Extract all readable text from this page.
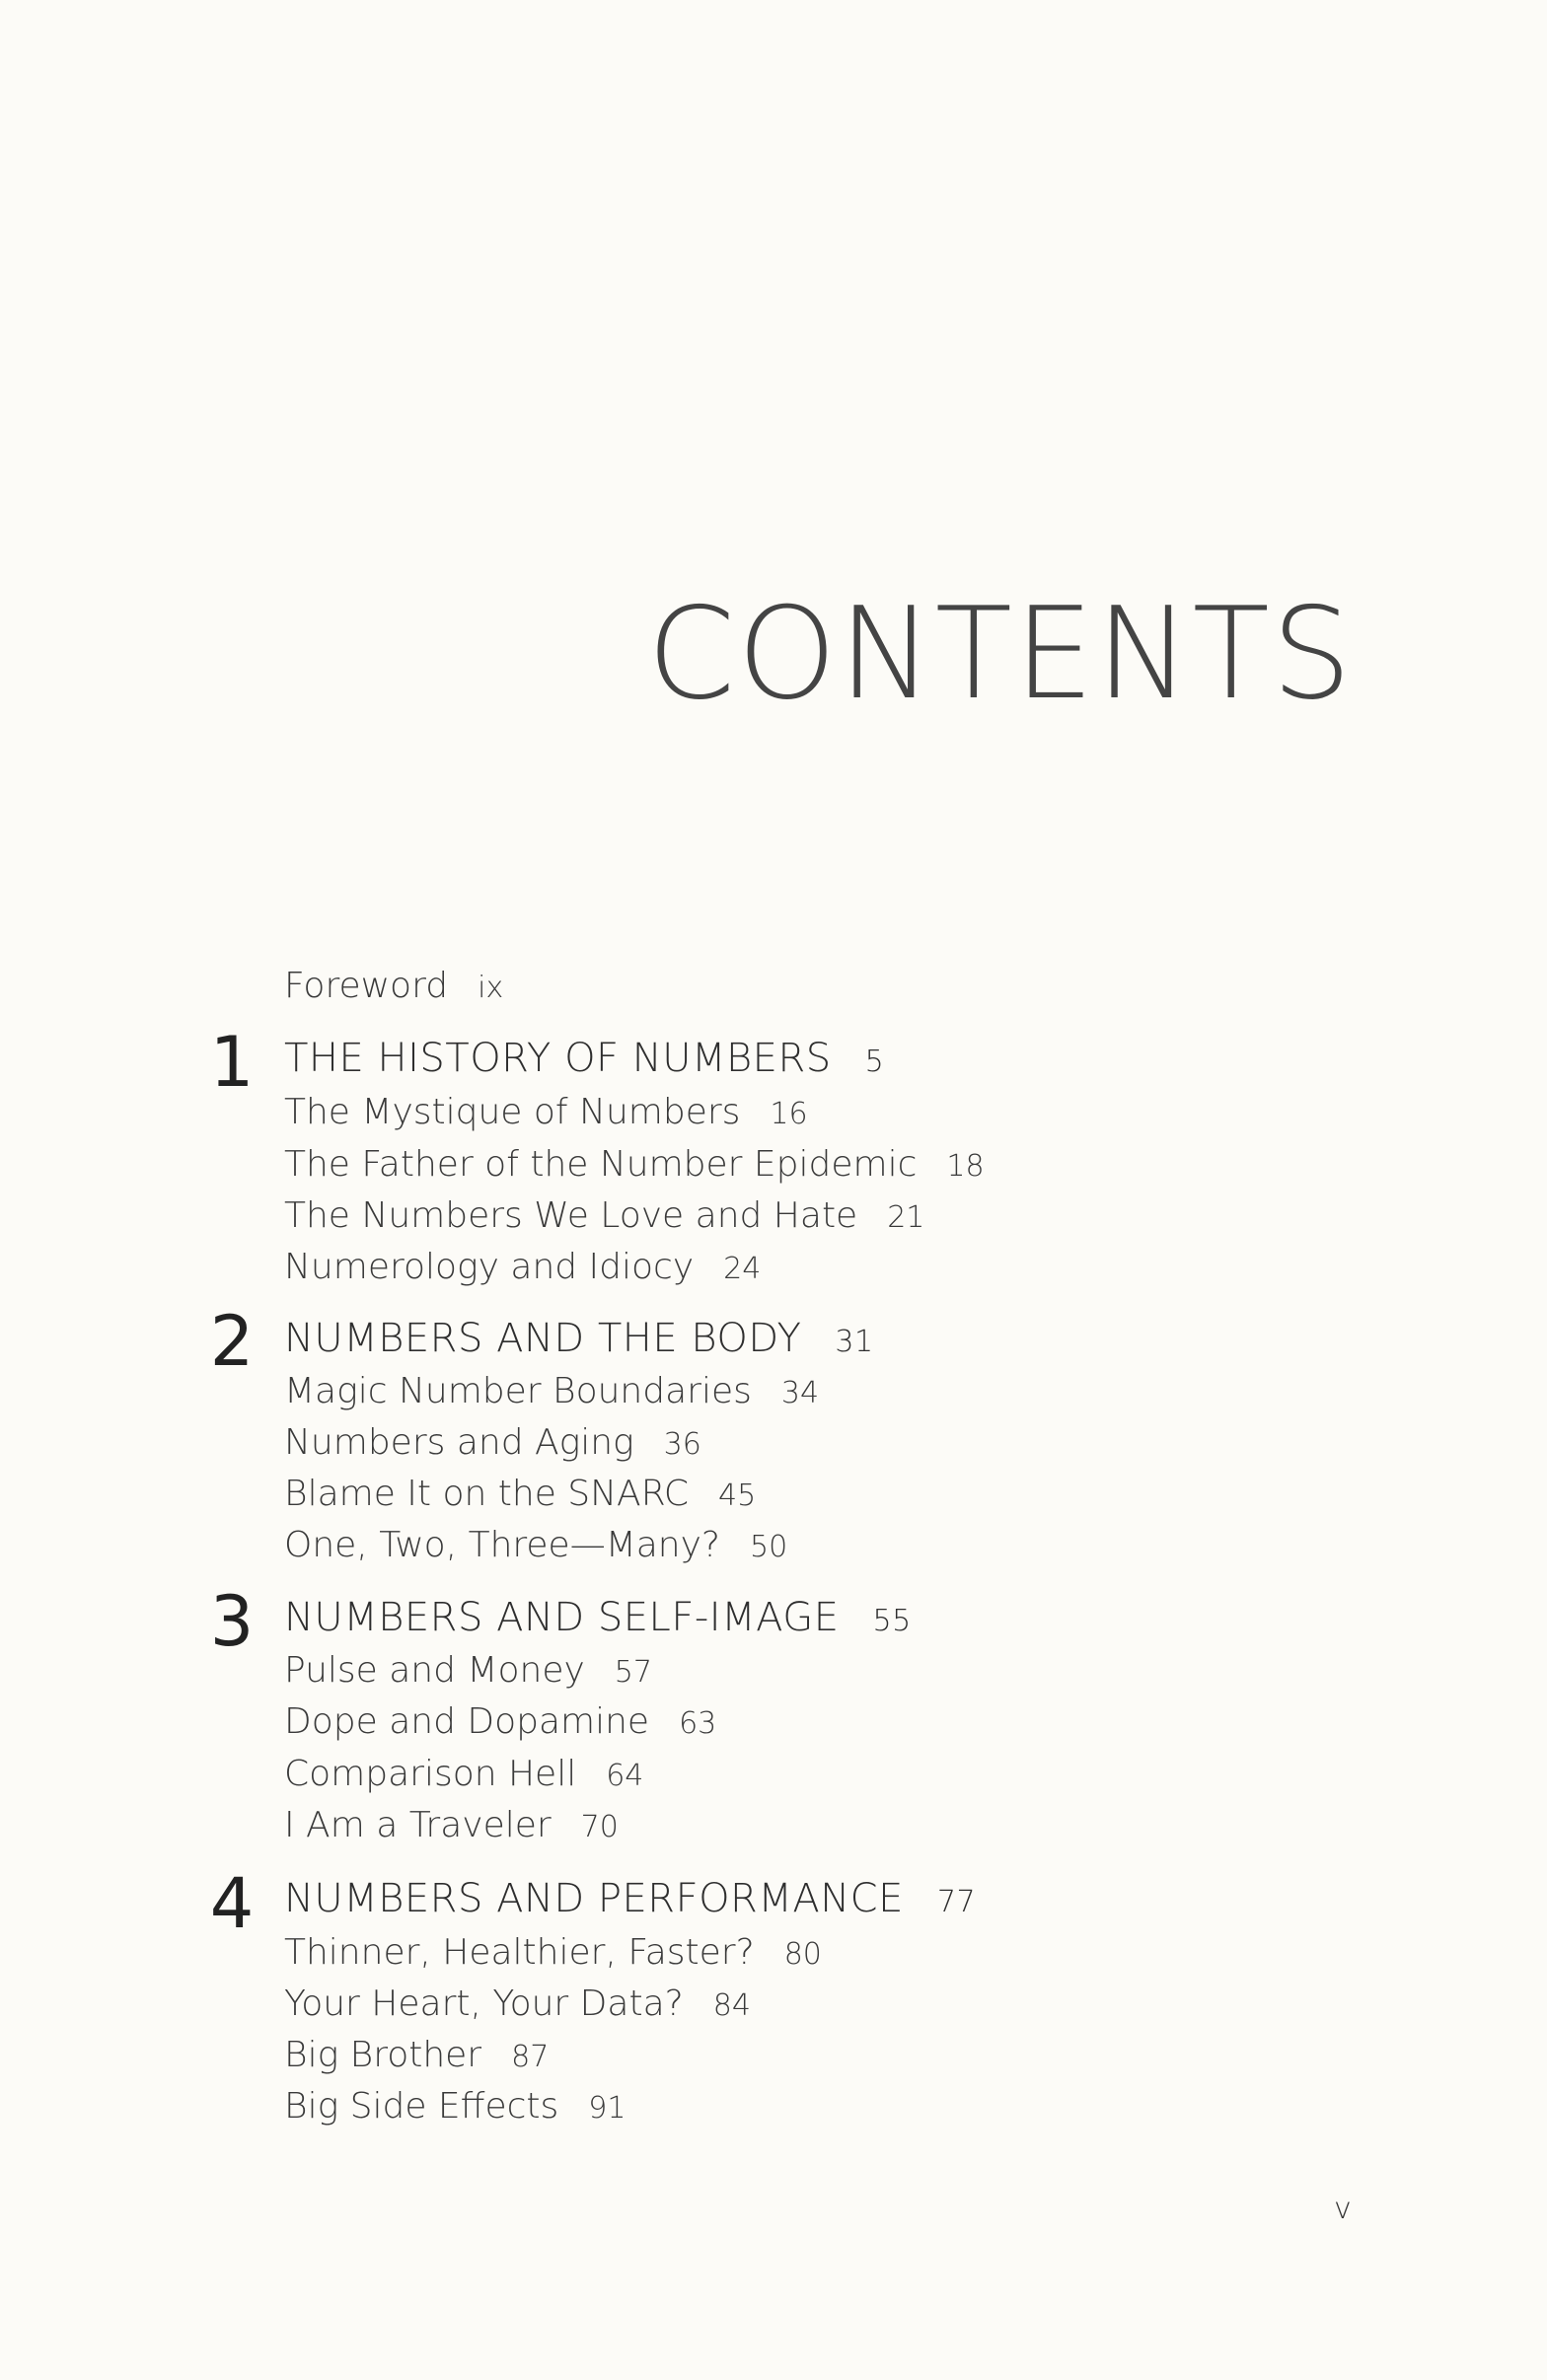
CONTENTS
Foreword ix
1 THE HISTORY OF NUMBERS 5
The Mystique of Numbers 16
The Father of the Number Epidemic 18
The Numbers We Love and Hate 21
Numerology and Idiocy 24
2 NUMBERS AND THE BODY 31
Magic Number Boundaries 34
Numbers and Aging 36
Blame It on the SNARC 45
One, Two, Three—Many? 50
3 NUMBERS AND SELF-IMAGE 55
Pulse and Money 57
Dope and Dopamine 63
Comparison Hell 64
I Am a Traveler 70
4 NUMBERS AND PERFORMANCE 77
Thinner, Healthier, Faster? 80
Your Heart, Your Data? 84
Big Brother 87
Big Side Effects 91
v
